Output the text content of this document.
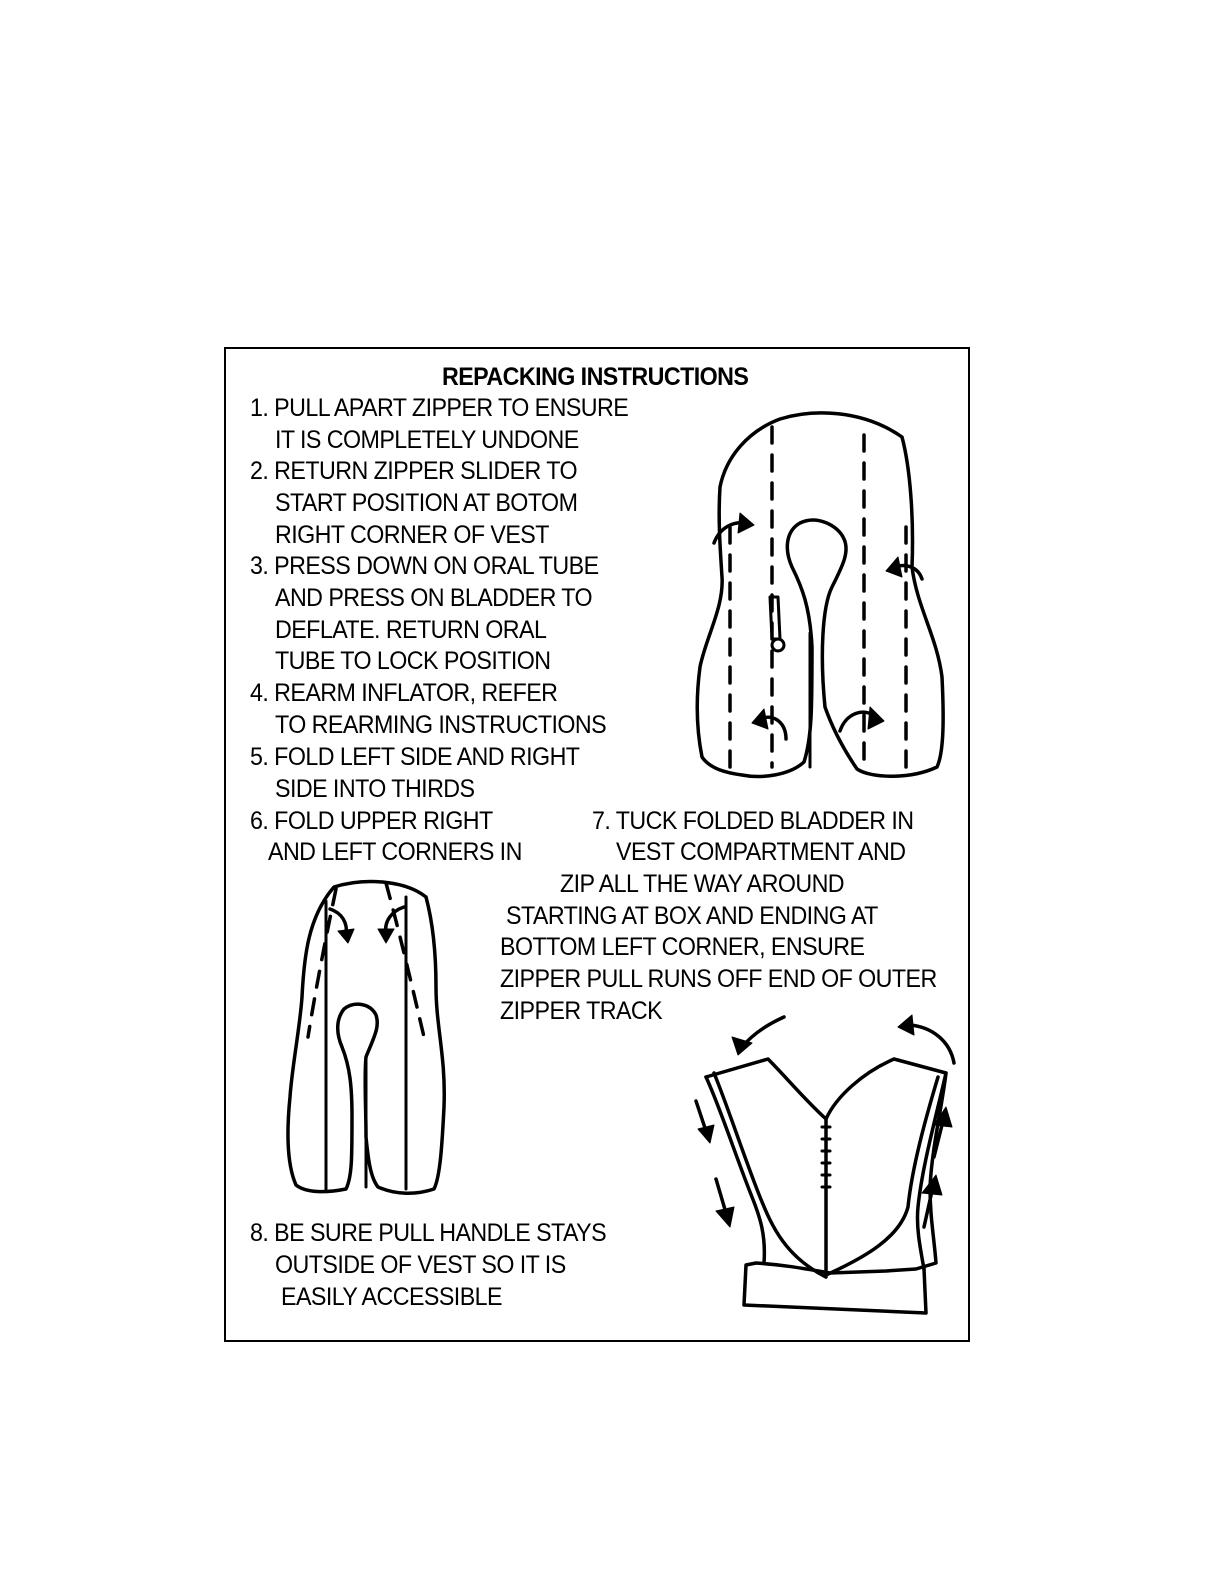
REPACKING INSTRUCTIONS
1. PULL APART ZIPPER TO ENSURE
IT IS COMPLETELY UNDONE
2. RETURN ZIPPER SLIDER TO
START POSITION AT BOTOM
RIGHT CORNER OF VEST
3. PRESS DOWN ON ORAL TUBE
AND PRESS ON BLADDER TO
DEFLATE. RETURN ORAL
TUBE TO LOCK POSITION
4. REARM INFLATOR, REFER
TO REARMING INSTRUCTIONS
5. FOLD LEFT SIDE AND RIGHT
SIDE INTO THIRDS
6. FOLD UPPER RIGHT
AND LEFT CORNERS IN
7. TUCK FOLDED BLADDER IN
VEST COMPARTMENT AND
ZIP ALL THE WAY AROUND
STARTING AT BOX AND ENDING AT
BOTTOM LEFT CORNER, ENSURE
ZIPPER PULL RUNS OFF END OF OUTER
ZIPPER TRACK
8. BE SURE PULL HANDLE STAYS
OUTSIDE OF VEST SO IT IS
EASILY ACCESSIBLE
